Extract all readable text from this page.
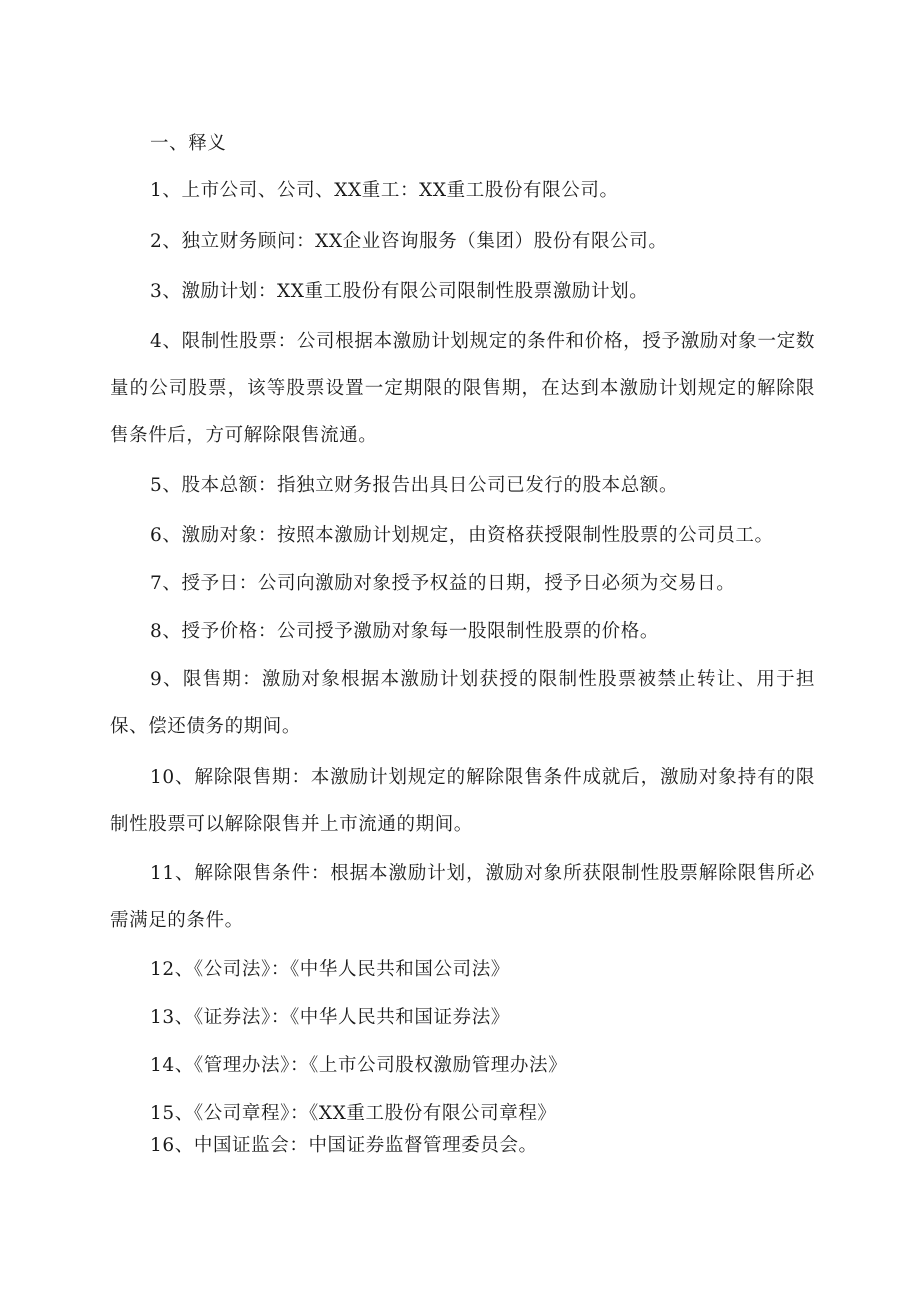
一、释义

1、上市公司、公司、XX重工：XX重工股份有限公司。

2、独立财务顾问：XX企业咨询服务（集团）股份有限公司。

3、激励计划：XX重工股份有限公司限制性股票激励计划。

4、限制性股票：公司根据本激励计划规定的条件和价格，授予激励对象一定数量的公司股票，该等股票设置一定期限的限售期，在达到本激励计划规定的解除限售条件后，方可解除限售流通。

5、股本总额：指独立财务报告出具日公司已发行的股本总额。

6、激励对象：按照本激励计划规定，由资格获授限制性股票的公司员工。

7、授予日：公司向激励对象授予权益的日期，授予日必须为交易日。

8、授予价格：公司授予激励对象每一股限制性股票的价格。

9、限售期：激励对象根据本激励计划获授的限制性股票被禁止转让、用于担保、偿还债务的期间。

10、解除限售期：本激励计划规定的解除限售条件成就后，激励对象持有的限制性股票可以解除限售并上市流通的期间。

11、解除限售条件：根据本激励计划，激励对象所获限制性股票解除限售所必需满足的条件。

12、《公司法》：《中华人民共和国公司法》

13、《证券法》：《中华人民共和国证券法》

14、《管理办法》：《上市公司股权激励管理办法》

15、《公司章程》：《XX重工股份有限公司章程》

16、中国证监会：中国证券监督管理委员会。
